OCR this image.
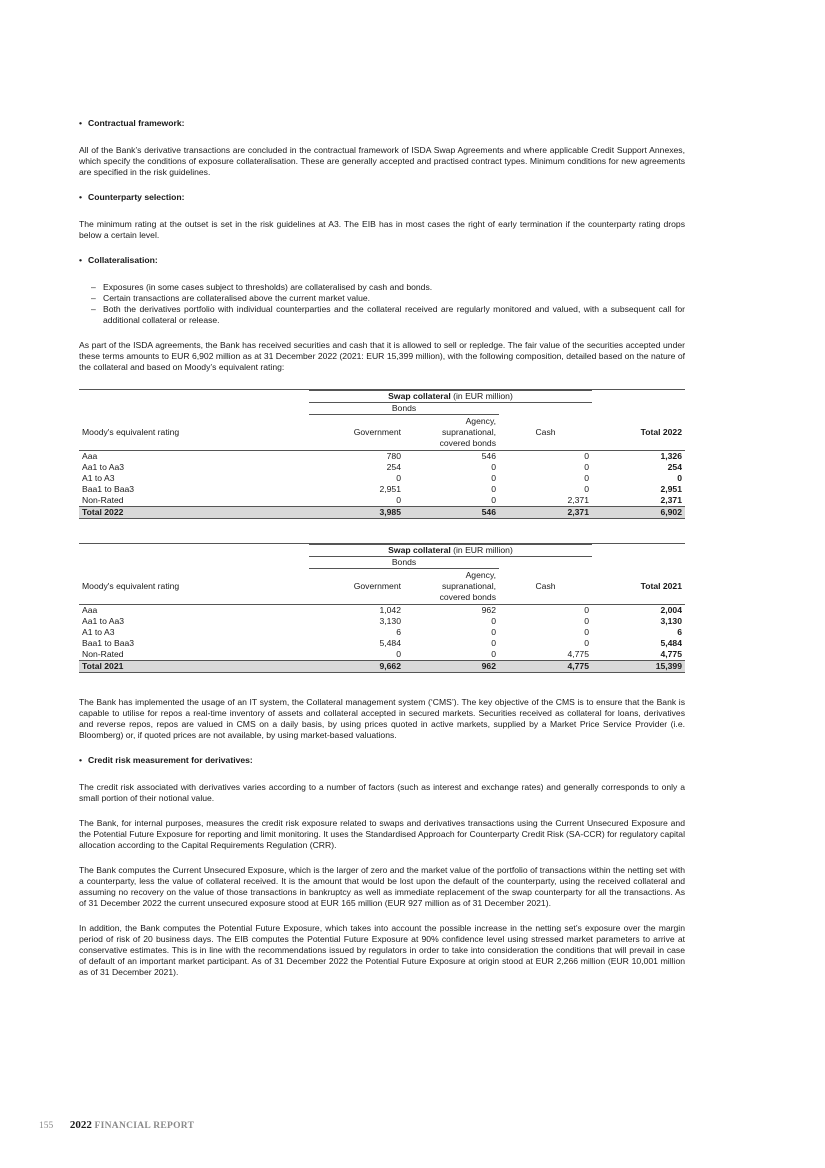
• Contractual framework:

All of the Bank’s derivative transactions are concluded in the contractual framework of ISDA Swap Agreements and where applicable Credit Support Annexes, which specify the conditions of exposure collateralisation. These are generally accepted and practised contract types. Minimum conditions for new agreements are specified in the risk guidelines.

• Counterparty selection:

The minimum rating at the outset is set in the risk guidelines at A3. The EIB has in most cases the right of early termination if the counterparty rating drops below a certain level.

• Collateralisation:
– Exposures (in some cases subject to thresholds) are collateralised by cash and bonds.
– Certain transactions are collateralised above the current market value.
– Both the derivatives portfolio with individual counterparties and the collateral received are regularly monitored and valued, with a subsequent call for additional collateral or release.

As part of the ISDA agreements, the Bank has received securities and cash that it is allowed to sell or repledge. The fair value of the securities accepted under these terms amounts to EUR 6,902 million as at 31 December 2022 (2021: EUR 15,399 million), with the following composition, detailed based on the nature of the collateral and based on Moody’s equivalent rating:

	Swap collateral (in EUR million)			
	Bonds			
Moody's equivalent rating	Government	Agency,
supranational,
covered bonds	Cash	Total 2022
Aaa	780	546	0	1,326
Aa1 to Aa3	254	0	0	254
A1 to A3	0	0	0	0
Baa1 to Baa3	2,951	0	0	2,951
Non-Rated	0	0	2,371	2,371
Total 2022	3,985	546	2,371	6,902

	Swap collateral (in EUR million)			
	Bonds			
Moody's equivalent rating	Government	Agency,
supranational,
covered bonds	Cash	Total 2021
Aaa	1,042	962	0	2,004
Aa1 to Aa3	3,130	0	0	3,130
A1 to A3	6	0	0	6
Baa1 to Baa3	5,484	0	0	5,484
Non-Rated	0	0	4,775	4,775
Total 2021	9,662	962	4,775	15,399

The Bank has implemented the usage of an IT system, the Collateral management system (‘CMS’). The key objective of the CMS is to ensure that the Bank is capable to utilise for repos a real-time inventory of assets and collateral accepted in secured markets. Securities received as collateral for loans, derivatives and reverse repos, repos are valued in CMS on a daily basis, by using prices quoted in active markets, supplied by a Market Price Service Provider (i.e. Bloomberg) or, if quoted prices are not available, by using market-based valuations.

• Credit risk measurement for derivatives:

The credit risk associated with derivatives varies according to a number of factors (such as interest and exchange rates) and generally corresponds to only a small portion of their notional value.

The Bank, for internal purposes, measures the credit risk exposure related to swaps and derivatives transactions using the Current Unsecured Exposure and the Potential Future Exposure for reporting and limit monitoring. It uses the Standardised Approach for Counterparty Credit Risk (SA-CCR) for regulatory capital allocation according to the Capital Requirements Regulation (CRR).

The Bank computes the Current Unsecured Exposure, which is the larger of zero and the market value of the portfolio of transactions within the netting set with a counterparty, less the value of collateral received. It is the amount that would be lost upon the default of the counterparty, using the received collateral and assuming no recovery on the value of those transactions in bankruptcy as well as immediate replacement of the swap counterparty for all the transactions. As of 31 December 2022 the current unsecured exposure stood at EUR 165 million (EUR 927 million as of 31 December 2021).

In addition, the Bank computes the Potential Future Exposure, which takes into account the possible increase in the netting set’s exposure over the margin period of risk of 20 business days. The EIB computes the Potential Future Exposure at 90% confidence level using stressed market parameters to arrive at conservative estimates. This is in line with the recommendations issued by regulators in order to take into consideration the conditions that will prevail in case of default of an important market participant. As of 31 December 2022 the Potential Future Exposure at origin stood at EUR 2,266 million (EUR 10,001 million as of 31 December 2021).

155 2022 FINANCIAL REPORT
